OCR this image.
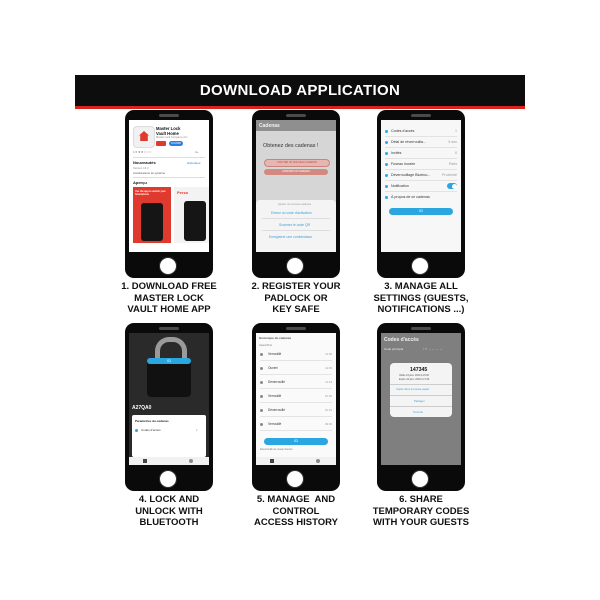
DOWNLOAD APPLICATION
Master Lock
Vault Home
Master Lock Company LLC
OUVRIR
1,5 ★★☆☆☆	4+
Nouveautés	Historique
Version 13.3
Améliorations du système
Aperçu
Use the app to unlock your Smartphone	Perso
Cadenas
Obtenez des cadenas !
AJOUTER UN NOUVEAU CADENAS
ACHETER UN CADENAS
Ajouter un nouveau cadenas
Entrez un code d'activation
Scannez le code QR
Enregistrer une combinaison
Codes d'accès	1
Délai de réverrouilla...	5 sec
Invités	0
Fuseau horaire	Paris
Déverrouillage Bluetoo...	Proximité
Notification
À propos de ce cadenas
ICI
ICI
A27QA0
Paramètres du cadenas
Codes d'accès	1
Historique du cadenas
Aujourd'hui
Verrouillé	11:46
Ouvert	11:45
Déverrouillé	11:44
Verrouillé	10:02
Déverrouillé	10:01
Verrouillé	09:30
ICI
Déverrouillé au niveau d'accès
Codes d'accès
Code principal	↑↑↑ ← ← ← ←
147345
Valide 24 janv. 2020 à 15:00
Expire 24 janv. 2020 à 17:00
Copier dans le presse-papier
Partager
Terminé
1. DOWNLOAD FREE
MASTER LOCK
VAULT HOME APP
2. REGISTER YOUR
PADLOCK OR
KEY SAFE
3. MANAGE ALL
SETTINGS (GUESTS,
NOTIFICATIONS ...)
4. LOCK AND
UNLOCK WITH
BLUETOOTH
5. MANAGE  AND
CONTROL
ACCESS HISTORY
6. SHARE
TEMPORARY CODES
WITH YOUR GUESTS
